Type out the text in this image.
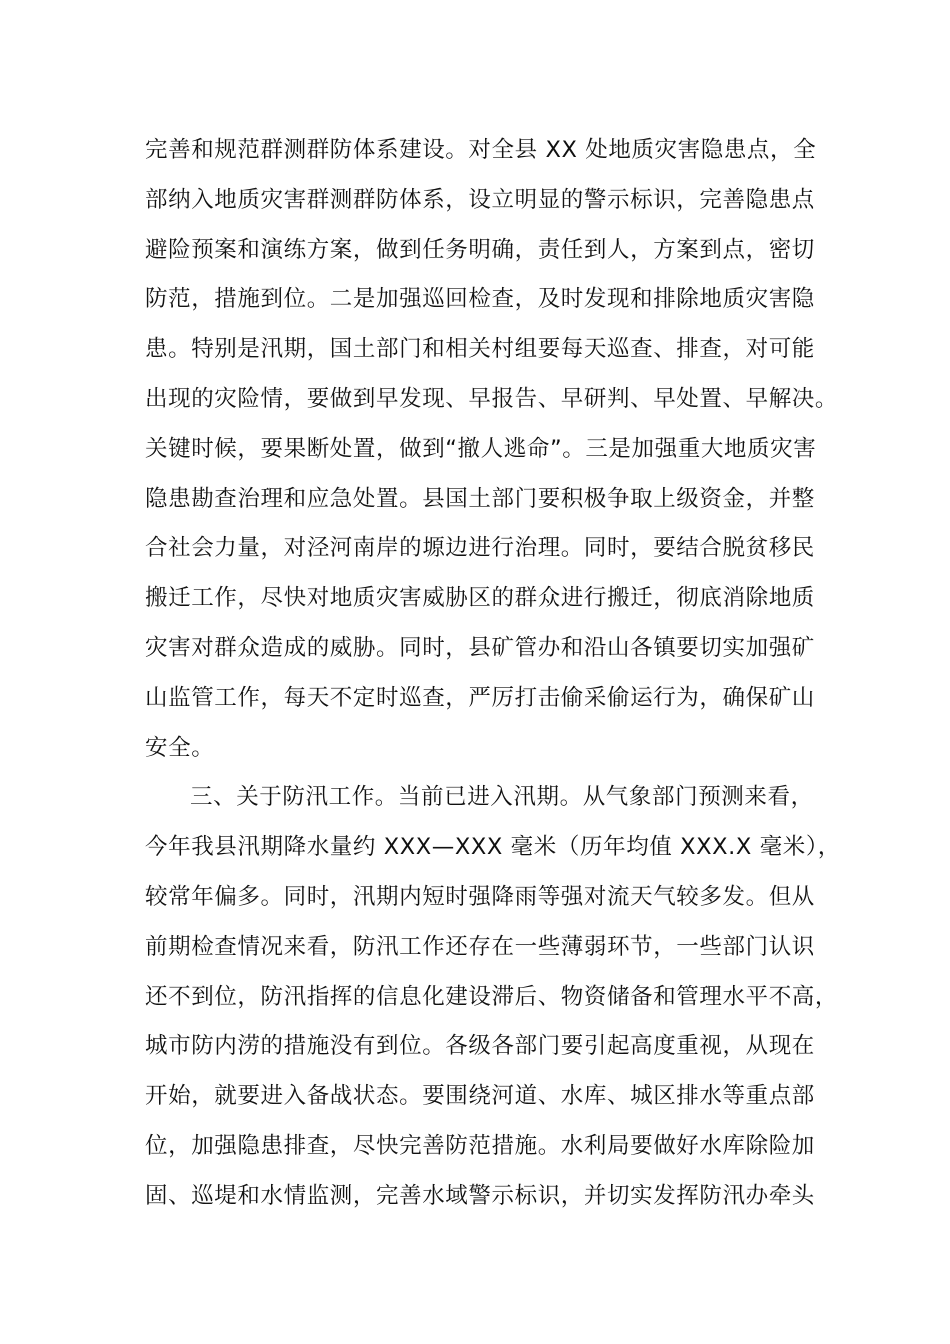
完善和规范群测群防体系建设。对全县 XX 处地质灾害隐患点，全
部纳入地质灾害群测群防体系，设立明显的警示标识，完善隐患点
避险预案和演练方案，做到任务明确，责任到人，方案到点，密切
防范，措施到位。二是加强巡回检查，及时发现和排除地质灾害隐
患。特别是汛期，国土部门和相关村组要每天巡查、排查，对可能
出现的灾险情，要做到早发现、早报告、早研判、早处置、早解决。
关键时候，要果断处置，做到“撤人逃命”。三是加强重大地质灾害
隐患勘查治理和应急处置。县国土部门要积极争取上级资金，并整
合社会力量，对泾河南岸的塬边进行治理。同时，要结合脱贫移民
搬迁工作，尽快对地质灾害威胁区的群众进行搬迁，彻底消除地质
灾害对群众造成的威胁。同时，县矿管办和沿山各镇要切实加强矿
山监管工作，每天不定时巡查，严厉打击偷采偷运行为，确保矿山
安全。
三、关于防汛工作。当前已进入汛期。从气象部门预测来看，
今年我县汛期降水量约 XXX—XXX 毫米（历年均值 XXX.X 毫米），
较常年偏多。同时，汛期内短时强降雨等强对流天气较多发。但从
前期检查情况来看，防汛工作还存在一些薄弱环节，一些部门认识
还不到位，防汛指挥的信息化建设滞后、物资储备和管理水平不高，
城市防内涝的措施没有到位。各级各部门要引起高度重视，从现在
开始，就要进入备战状态。要围绕河道、水库、城区排水等重点部
位，加强隐患排查，尽快完善防范措施。水利局要做好水库除险加
固、巡堤和水情监测，完善水域警示标识，并切实发挥防汛办牵头
